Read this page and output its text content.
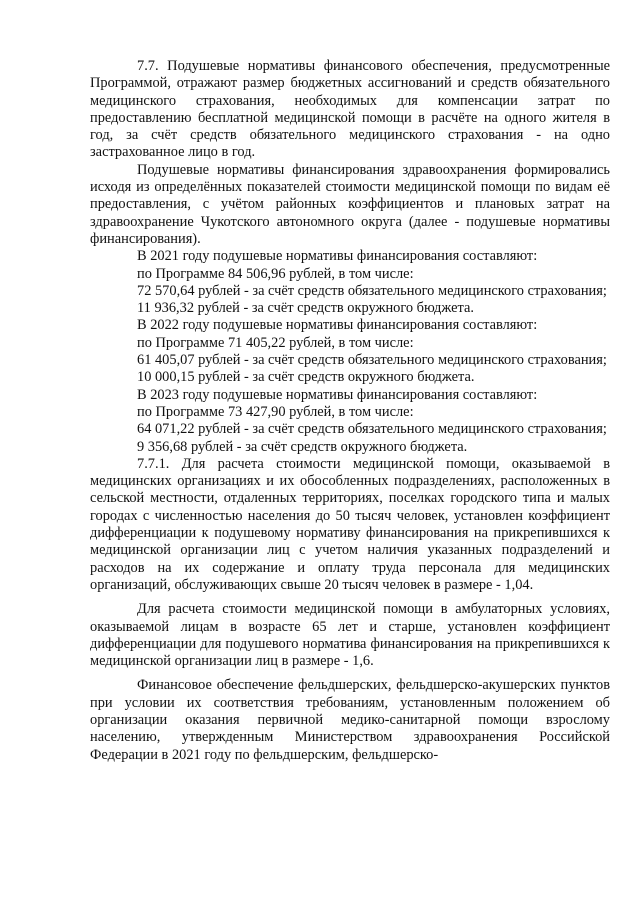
7.7. Подушевые нормативы финансового обеспечения, предусмотренные Программой, отражают размер бюджетных ассигнований и средств обязательного медицинского страхования, необходимых для компенсации затрат по предоставлению бесплатной медицинской помощи в расчёте на одного жителя в год, за счёт средств обязательного медицинского страхования - на одно застрахованное лицо в год.

Подушевые нормативы финансирования здравоохранения формировались исходя из определённых показателей стоимости медицинской помощи по видам её предоставления, с учётом районных коэффициентов и плановых затрат на здравоохранение Чукотского автономного округа (далее - подушевые нормативы финансирования).

В 2021 году подушевые нормативы финансирования составляют:

по Программе 84 506,96 рублей, в том числе:

72 570,64 рублей - за счёт средств обязательного медицинского страхования;

11 936,32 рублей - за счёт средств окружного бюджета.

В 2022 году подушевые нормативы финансирования составляют:

по Программе 71 405,22 рублей, в том числе:

61 405,07 рублей - за счёт средств обязательного медицинского страхования;

10 000,15 рублей - за счёт средств окружного бюджета.

В 2023 году подушевые нормативы финансирования составляют:

по Программе 73 427,90 рублей, в том числе:

64 071,22 рублей - за счёт средств обязательного медицинского страхования;

9 356,68 рублей - за счёт средств окружного бюджета.

7.7.1. Для расчета стоимости медицинской помощи, оказываемой в медицинских организациях и их обособленных подразделениях, расположенных в сельской местности, отдаленных территориях, поселках городского типа и малых городах с численностью населения до 50 тысяч человек, установлен коэффициент дифференциации к подушевому нормативу финансирования на прикрепившихся к медицинской организации лиц с учетом наличия указанных подразделений и расходов на их содержание и оплату труда персонала для медицинских организаций, обслуживающих свыше 20 тысяч человек в размере - 1,04.

Для расчета стоимости медицинской помощи в амбулаторных условиях, оказываемой лицам в возрасте 65 лет и старше, установлен коэффициент дифференциации для подушевого норматива финансирования на прикрепившихся к медицинской организации лиц в размере - 1,6.

Финансовое обеспечение фельдшерских, фельдшерско-акушерских пунктов при условии их соответствия требованиям, установленным положением об организации оказания первичной медико-санитарной помощи взрослому населению, утвержденным Министерством здравоохранения Российской Федерации в 2021 году по фельдшерским, фельдшерско-
